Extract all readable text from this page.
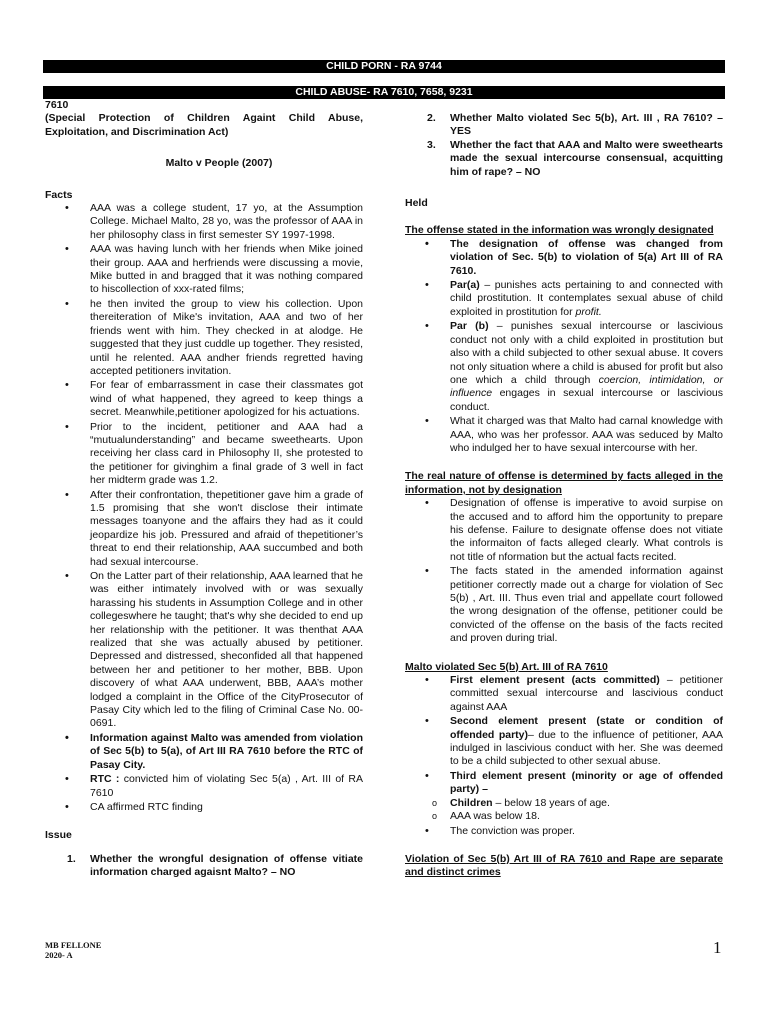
CHILD PORN - RA 9744
CHILD ABUSE- RA 7610, 7658, 9231

7610

(Special Protection of Children Againt Child Abuse, Exploitation, and Discrimination Act)

Malto v People (2007)

Facts

• AAA was a college student, 17 yo, at the Assumption College. Michael Malto, 28 yo, was the professor of AAA in her philosophy class in first semester SY 1997-1998.
• AAA was having lunch with her friends when Mike joined their group. AAA and herfriends were discussing a movie, Mike butted in and bragged that it was nothing compared to hiscollection of xxx-rated films;
• he then invited the group to view his collection. Upon thereiteration of Mike's invitation, AAA and two of her friends went with him. They checked in at alodge. He suggested that they just cuddle up together. They resisted, until he relented. AAA andher friends regretted having accepted petitioners invitation.
• For fear of embarrassment in case their classmates got wind of what happened, they agreed to keep things a secret. Meanwhile,petitioner apologized for his actuations.
• Prior to the incident, petitioner and AAA had a “mutualunderstanding” and became sweethearts. Upon receiving her class card in Philosophy II, she protested to the petitioner for givinghim a final grade of 3 well in fact her midterm grade was 1.2.
• After their confrontation, thepetitioner gave him a grade of 1.5 promising that she won't disclose their intimate messages toanyone and the affairs they had as it could jeopardize his job. Pressured and afraid of thepetitioner’s threat to end their relationship, AAA succumbed and both had sexual intercourse.
• On the Latter part of their relationship, AAA learned that he was either intimately involved with or was sexually harassing his students in Assumption College and in other collegeswhere he taught; that's why she decided to end up her relationship with the petitioner. It was thenthat AAA realized that she was actually abused by petitioner. Depressed and distressed, sheconfided all that happened between her and petitioner to her mother, BBB. Upon discovery of what AAA underwent, BBB, AAA’s mother lodged a complaint in the Office of the CityProsecutor of Pasay City which led to the filing of Criminal Case No. 00-0691.
• Information against Malto was amended from violation of Sec 5(b) to 5(a), of Art III RA 7610 before the RTC of Pasay City.
• RTC : convicted him of violating Sec 5(a) , Art. III of RA 7610
• CA affirmed RTC finding

Issue

1. Whether the wrongful designation of offense vitiate information charged agaisnt Malto? – NO
2. Whether Malto violated Sec 5(b), Art. III , RA 7610? – YES
3. Whether the fact that AAA and Malto were sweethearts made the sexual intercourse consensual, acquitting him of rape? – NO

Held

The offense stated in the information was wrongly designated

• The designation of offense was changed from violation of Sec. 5(b) to violation of 5(a) Art III of RA 7610.
• Par(a) – punishes acts pertaining to and connected with child prostitution. It contemplates sexual abuse of child exploited in prostitution for profit.
• Par (b) – punishes sexual intercourse or lascivious conduct not only with a child exploited in prostitution but also with a child subjected to other sexual abuse. It covers not only situation where a child is abused for profit but also one which a child through coercion, intimidation, or influence engages in sexual intercourse or lascivious conduct.
• What it charged was that Malto had carnal knowledge with AAA, who was her professor. AAA was seduced by Malto who indulged her to have sexual intercourse with her.

The real nature of offense is determined by facts alleged in the information, not by designation

• Designation of offense is imperative to avoid surpise on the accused and to afford him the opportunity to prepare his defense. Failure to designate offense does not vitiate the informaiton of facts alleged clearly. What controls is not title of nformation but the actual facts recited.
• The facts stated in the amended information against petitioner correctly made out a charge for violation of Sec 5(b) , Art. III. Thus even trial and appellate court followed the wrong designation of the offense, petitioner could be convicted of the offense on the basis of the facts recited and proven during trial.

Malto violated Sec 5(b) Art. III of RA 7610

• First element present (acts committed) – petitioner committed sexual intercourse and lascivious conduct against AAA
• Second element present (state or condition of offended party)– due to the influence of petitioner, AAA indulged in lascivious conduct with her. She was deemed to be a child subjected to other sexual abuse.
• Third element present (minority or age of offended party) –
o Children – below 18 years of age.
o AAA was below 18.
• The conviction was proper.

Violation of Sec 5(b) Art III of RA 7610 and Rape are separate and distinct crimes

MB FELLONE
2020- A	1
